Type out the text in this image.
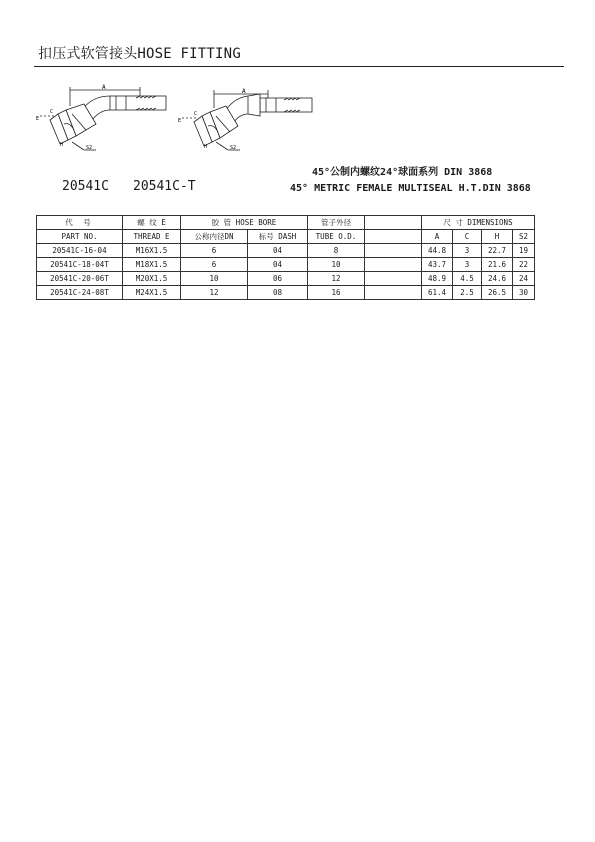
扣压式软管接头HOSE FITTING
A
C
E
H	S2
A
C
E
H	S2
45°公制内螺纹24°球面系列 DIN 3868
20541C 20541C-T	45° METRIC FEMALE MULTISEAL H.T.DIN 3868
代 号	螺 纹 E	胶 管 HOSE BORE		管子外径		尺 寸 DIMENSIONS			
PART NO.	THREAD E	公称内径DN	标号 DASH	TUBE O.D.		A	C	H	S2
20541C-16-04	M16X1.5	6	04	8		44.8	3	22.7	19
20541C-18-04T	M18X1.5	6	04	10		43.7	3	21.6	22
20541C-20-06T	M20X1.5	10	06	12		48.9	4.5	24.6	24
20541C-24-08T	M24X1.5	12	08	16		61.4	2.5	26.5	30
